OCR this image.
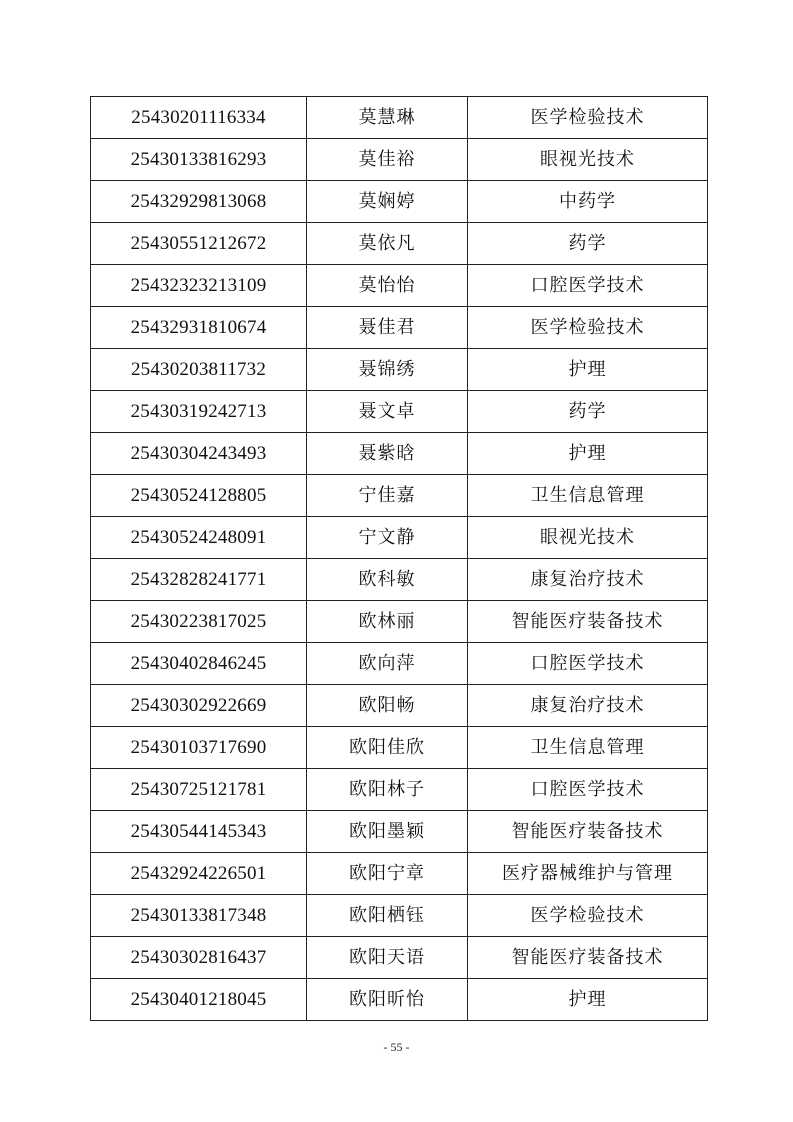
25430201116334	莫慧琳	医学检验技术
25430133816293	莫佳裕	眼视光技术
25432929813068	莫娴婷	中药学
25430551212672	莫依凡	药学
25432323213109	莫怡怡	口腔医学技术
25432931810674	聂佳君	医学检验技术
25430203811732	聂锦绣	护理
25430319242713	聂文卓	药学
25430304243493	聂紫晗	护理
25430524128805	宁佳嘉	卫生信息管理
25430524248091	宁文静	眼视光技术
25432828241771	欧科敏	康复治疗技术
25430223817025	欧林丽	智能医疗装备技术
25430402846245	欧向萍	口腔医学技术
25430302922669	欧阳畅	康复治疗技术
25430103717690	欧阳佳欣	卫生信息管理
25430725121781	欧阳林子	口腔医学技术
25430544145343	欧阳墨颖	智能医疗装备技术
25432924226501	欧阳宁章	医疗器械维护与管理
25430133817348	欧阳栖钰	医学检验技术
25430302816437	欧阳天语	智能医疗装备技术
25430401218045	欧阳昕怡	护理
- 55 -
